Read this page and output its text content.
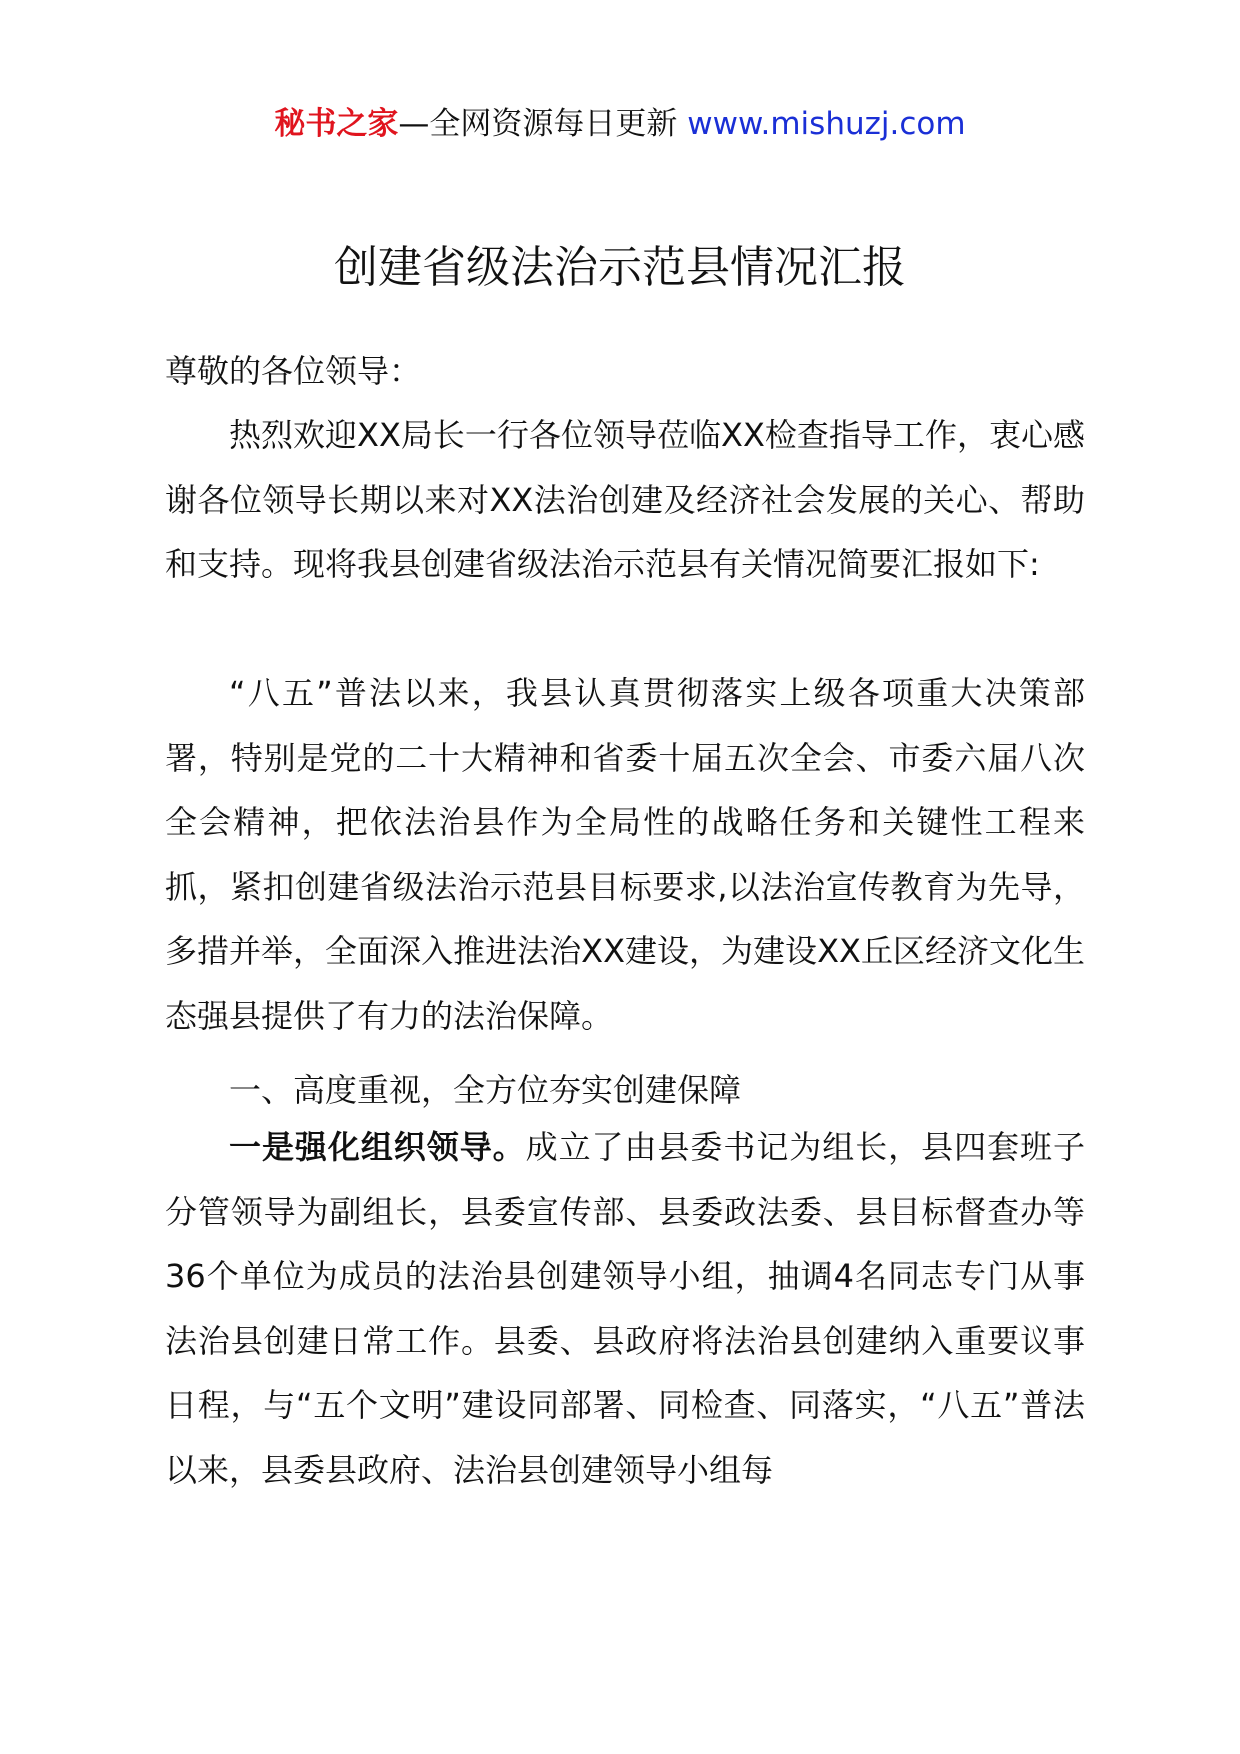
秘书之家—全网资源每日更新 www.mishuzj.com
创建省级法治示范县情况汇报
尊敬的各位领导：

热烈欢迎XX局长一行各位领导莅临XX检查指导工作，衷心感谢各位领导长期以来对XX法治创建及经济社会发展的关心、帮助和支持。现将我县创建省级法治示范县有关情况简要汇报如下:

“八五”普法以来，我县认真贯彻落实上级各项重大决策部署，特别是党的二十大精神和省委十届五次全会、市委六届八次全会精神，把依法治县作为全局性的战略任务和关键性工程来抓，紧扣创建省级法治示范县目标要求,以法治宣传教育为先导，多措并举，全面深入推进法治XX建设，为建设XX丘区经济文化生态强县提供了有力的法治保障。

一、高度重视，全方位夯实创建保障

一是强化组织领导。成立了由县委书记为组长，县四套班子分管领导为副组长，县委宣传部、县委政法委、县目标督查办等36个单位为成员的法治县创建领导小组，抽调4名同志专门从事法治县创建日常工作。县委、县政府将法治县创建纳入重要议事日程，与“五个文明”建设同部署、同检查、同落实，“八五”普法以来，县委县政府、法治县创建领导小组每
